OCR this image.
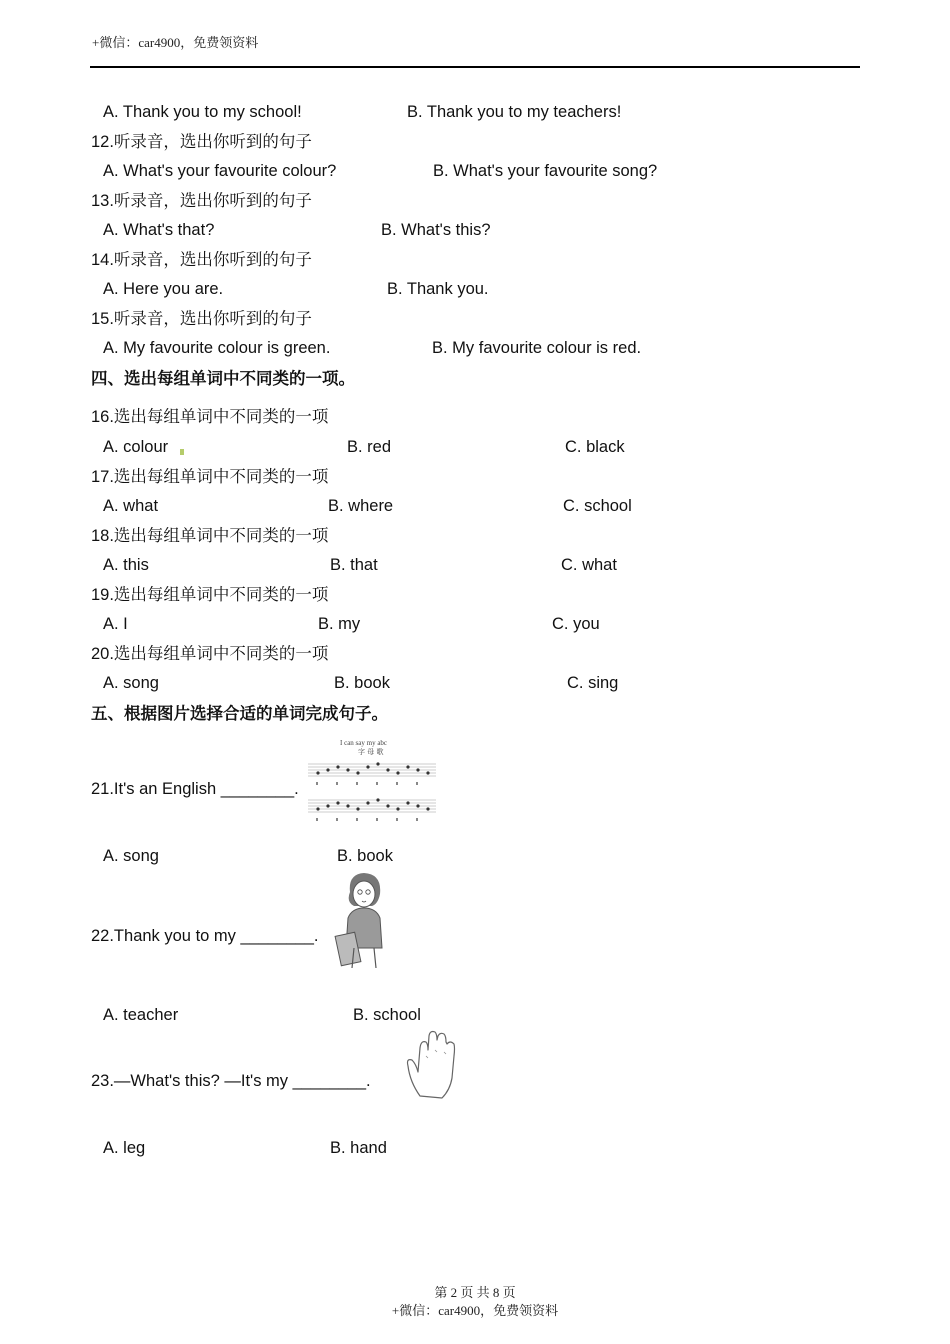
+微信：car4900，免费领资料
A. Thank you to my school!	B. Thank you to my teachers!
12.听录音，选出你听到的句子
A. What's your favourite colour?	B. What's your favourite song?
13.听录音，选出你听到的句子
A. What's that?	B. What's this?
14.听录音，选出你听到的句子
A. Here you are.	B. Thank you.
15.听录音，选出你听到的句子
A. My favourite colour is green.	B. My favourite colour is red.
四、选出每组单词中不同类的一项。
16.选出每组单词中不同类的一项
A. colour	B. red	C. black
17.选出每组单词中不同类的一项
A. what	B. where	C. school
18.选出每组单词中不同类的一项
A. this	B. that	C. what
19.选出每组单词中不同类的一项
A. I	B. my	C. you
20.选出每组单词中不同类的一项
A. song	B. book	C. sing
五、根据图片选择合适的单词完成句子。
21.It's an English ________.
I can say my abc
字 母 歌
A. song	B. book
22.Thank you to my ________.
A. teacher	B. school
23.—What's this? —It's my ________.
A. leg	B. hand
第 2 页 共 8 页
+微信：car4900，免费领资料
